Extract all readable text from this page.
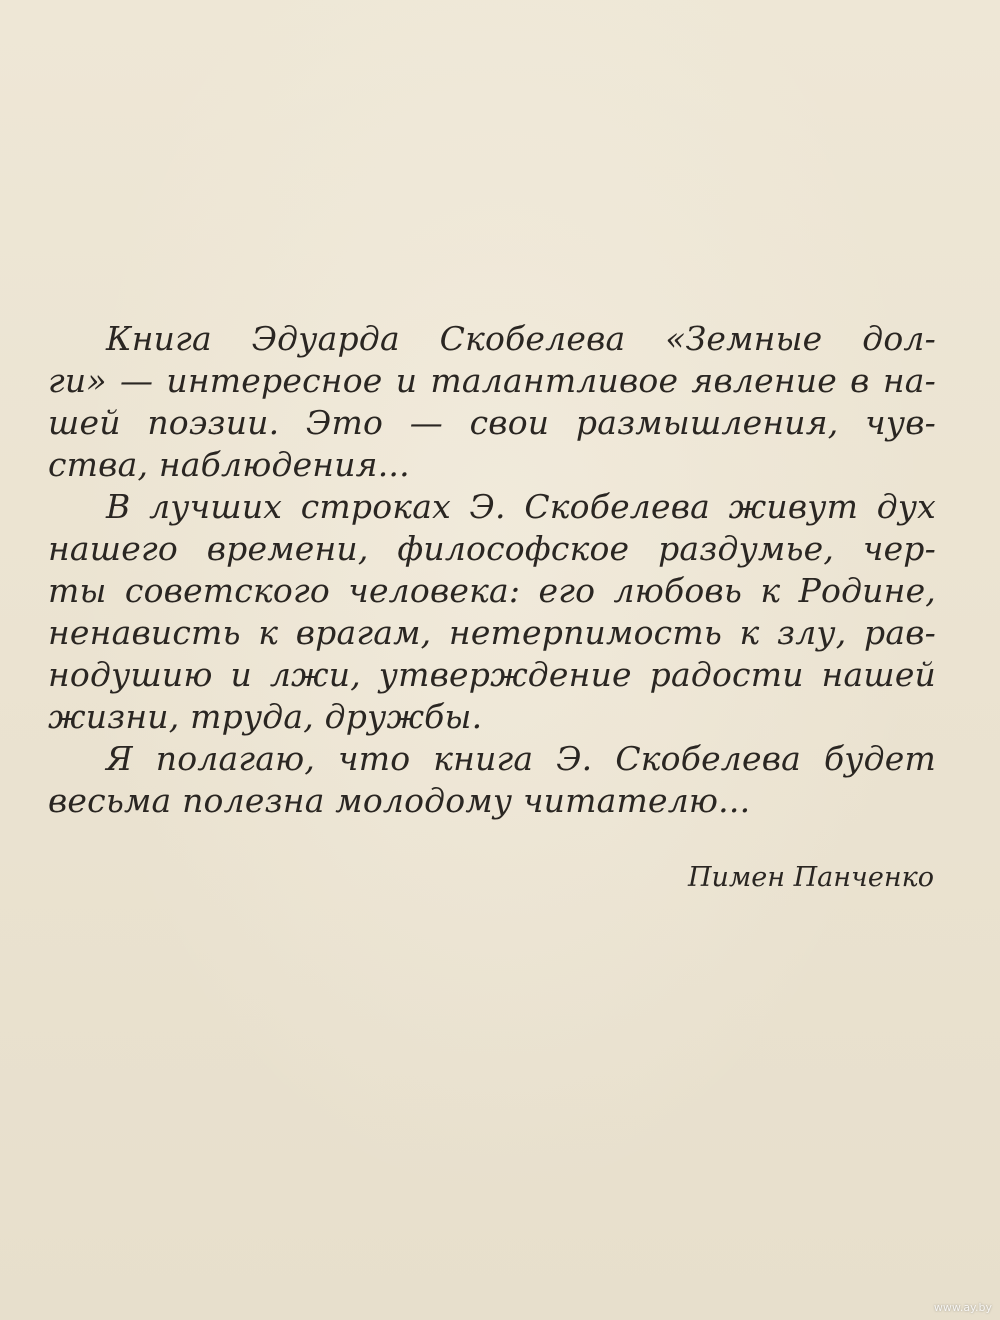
Книга Эдуарда Скобелева «Земные дол-
ги» — интересное и талантливое явление в на-
шей поэзии. Это — свои размышления, чув-
ства, наблюдения...
В лучших строках Э. Скобелева живут дух
нашего времени, философское раздумье, чер-
ты советского человека: его любовь к Родине,
ненависть к врагам, нетерпимость к злу, рав-
нодушию и лжи, утверждение радости нашей
жизни, труда, дружбы.
Я полагаю, что книга Э. Скобелева будет
весьма полезна молодому читателю...
Пимен Панченко
www.ay.by
